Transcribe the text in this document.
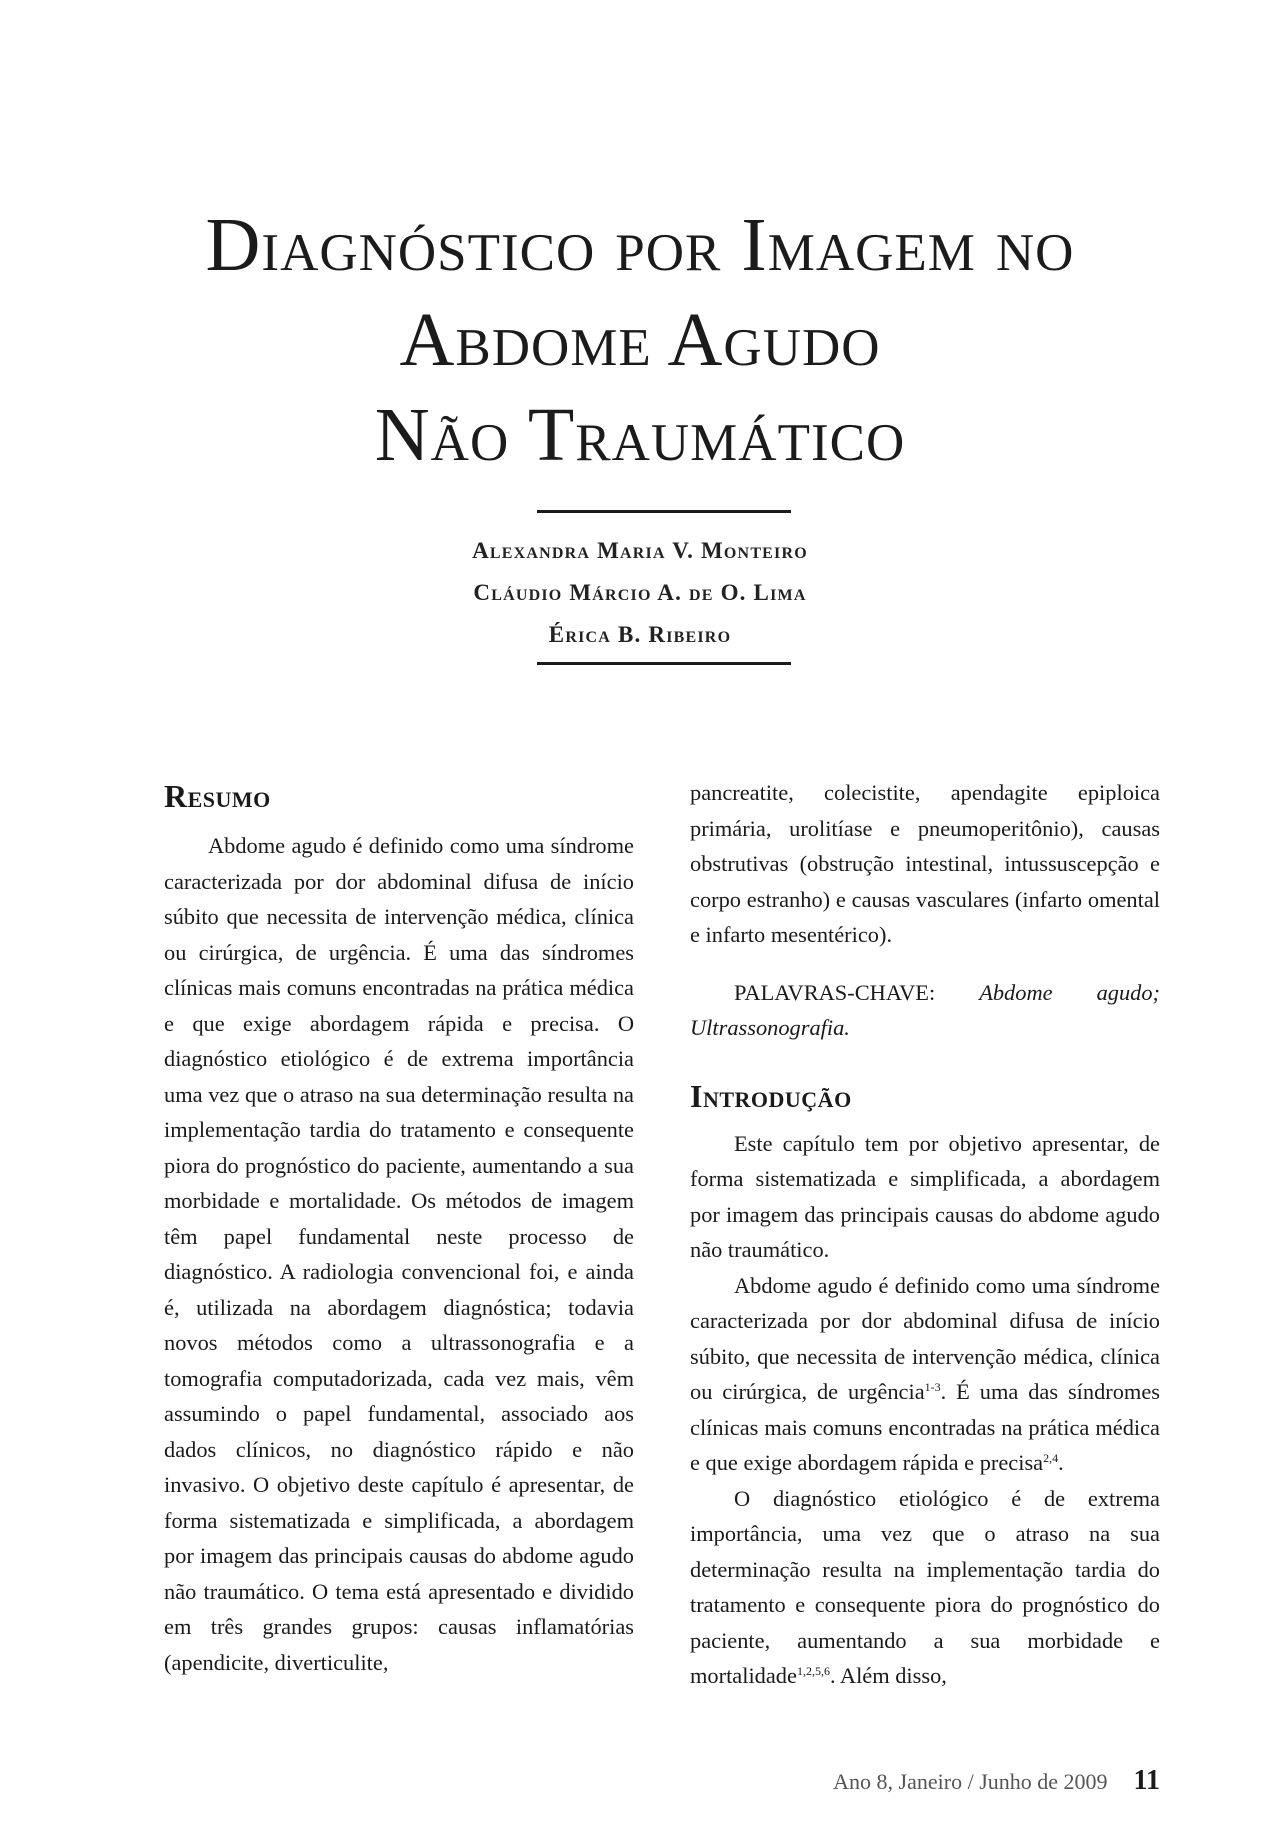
Diagnóstico por Imagem no
Abdome Agudo
Não Traumático
Alexandra Maria V. Monteiro
Cláudio Márcio A. de O. Lima
Érica B. Ribeiro
Resumo

Abdome agudo é definido como uma síndrome caracterizada por dor abdominal difusa de início súbito que necessita de intervenção médica, clínica ou cirúrgica, de urgência. É uma das síndromes clínicas mais comuns encontradas na prática médica e que exige abordagem rápida e precisa. O diagnóstico etiológico é de extrema importância uma vez que o atraso na sua determinação resulta na implementação tardia do tratamento e consequente piora do prognóstico do paciente, aumentando a sua morbidade e mortalidade. Os métodos de imagem têm papel fundamental neste processo de diagnóstico. A radiologia convencional foi, e ainda é, utilizada na abordagem diagnóstica; todavia novos métodos como a ultrassonografia e a tomografia computadorizada, cada vez mais, vêm assumindo o papel fundamental, associado aos dados clínicos, no diagnóstico rápido e não invasivo. O objetivo deste capítulo é apresentar, de forma sistematizada e simplificada, a abordagem por imagem das principais causas do abdome agudo não traumático. O tema está apresentado e dividido em três grandes grupos: causas inflamatórias (apendicite, diverticulite,

pancreatite, colecistite, apendagite epiploica primária, urolitíase e pneumoperitônio), causas obstrutivas (obstrução intestinal, intussuscepção e corpo estranho) e causas vasculares (infarto omental e infarto mesentérico).

PALAVRAS-CHAVE: Abdome agudo; Ultrassonografia.

Introdução

Este capítulo tem por objetivo apresentar, de forma sistematizada e simplificada, a abordagem por imagem das principais causas do abdome agudo não traumático.

Abdome agudo é definido como uma síndrome caracterizada por dor abdominal difusa de início súbito, que necessita de intervenção médica, clínica ou cirúrgica, de urgência$^{1-3}$. É uma das síndromes clínicas mais comuns encontradas na prática médica e que exige abordagem rápida e precisa$^{2,4}$.

O diagnóstico etiológico é de extrema importância, uma vez que o atraso na sua determinação resulta na implementação tardia do tratamento e consequente piora do prognóstico do paciente, aumentando a sua morbidade e mortalidade$^{1,2,5,6}$. Além disso,

Ano 8, Janeiro / Junho de 2009 11
